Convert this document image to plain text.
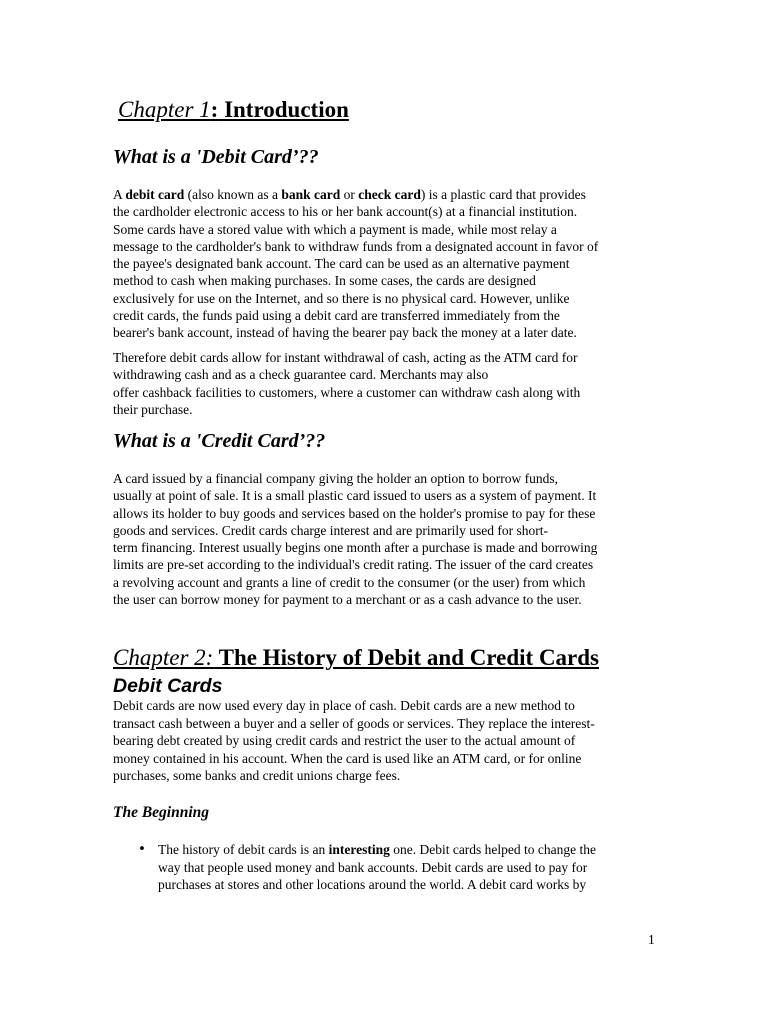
Chapter 1: Introduction
What is a 'Debit Card’??
A debit card (also known as a bank card or check card) is a plastic card that provides
the cardholder electronic access to his or her bank account(s) at a financial institution.
Some cards have a stored value with which a payment is made, while most relay a
message to the cardholder's bank to withdraw funds from a designated account in favor of
the payee's designated bank account. The card can be used as an alternative payment
method to cash when making purchases. In some cases, the cards are designed
exclusively for use on the Internet, and so there is no physical card. However, unlike
credit cards, the funds paid using a debit card are transferred immediately from the
bearer's bank account, instead of having the bearer pay back the money at a later date.
Therefore debit cards allow for instant withdrawal of cash, acting as the ATM card for
withdrawing cash and as a check guarantee card. Merchants may also
offer cashback facilities to customers, where a customer can withdraw cash along with
their purchase.
What is a 'Credit Card’??
A card issued by a financial company giving the holder an option to borrow funds,
usually at point of sale. It is a small plastic card issued to users as a system of payment. It
allows its holder to buy goods and services based on the holder's promise to pay for these
goods and services. Credit cards charge interest and are primarily used for short-
term financing. Interest usually begins one month after a purchase is made and borrowing
limits are pre-set according to the individual's credit rating. The issuer of the card creates
a revolving account and grants a line of credit to the consumer (or the user) from which
the user can borrow money for payment to a merchant or as a cash advance to the user.
Chapter 2: The History of Debit and Credit Cards
Debit Cards
Debit cards are now used every day in place of cash. Debit cards are a new method to
transact cash between a buyer and a seller of goods or services. They replace the interest-
bearing debt created by using credit cards and restrict the user to the actual amount of
money contained in his account. When the card is used like an ATM card, or for online
purchases, some banks and credit unions charge fees.
The Beginning
• The history of debit cards is an interesting one. Debit cards helped to change the
way that people used money and bank accounts. Debit cards are used to pay for
purchases at stores and other locations around the world. A debit card works by
1
